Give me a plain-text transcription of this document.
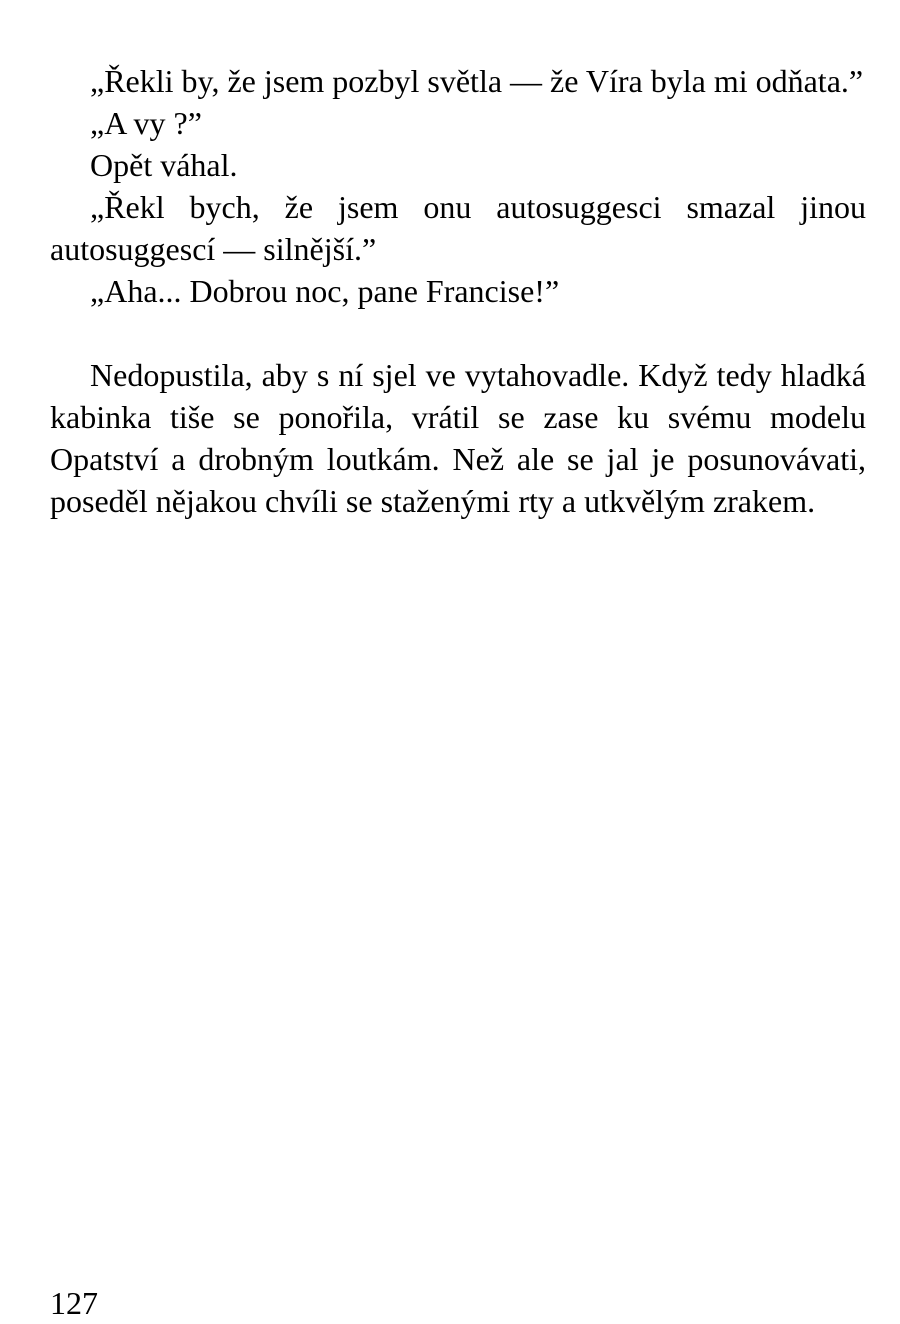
„Řekli by, že jsem pozbyl světla — že Víra byla mi odňata.”

„A vy ?”

Opět váhal.

„Řekl bych, že jsem onu autosuggesci smazal jinou autosuggescí — silnější.”

„Aha... Dobrou noc, pane Francise!”

Nedopustila, aby s ní sjel ve vytahovadle. Když tedy hladká kabinka tiše se ponořila, vrátil se zase ku svému modelu Opatství a drobným loutkám. Než ale se jal je posunovávati, poseděl nějakou chvíli se staženými rty a utkvělým zrakem.

127
